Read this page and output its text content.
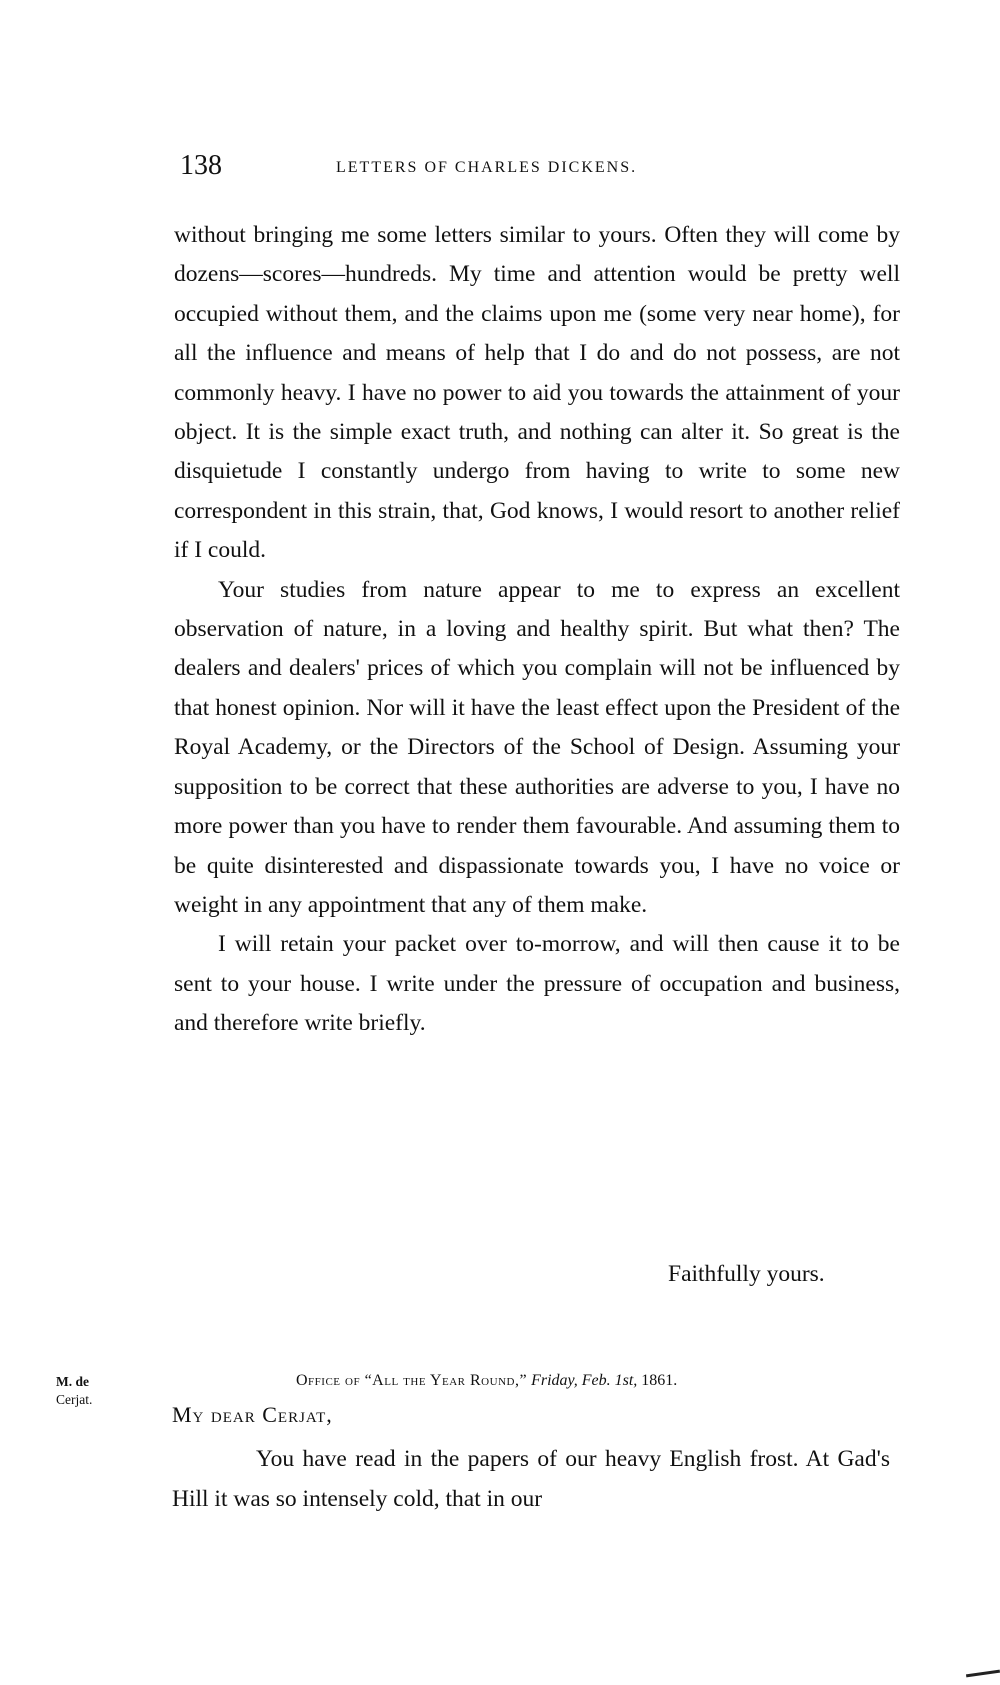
138	LETTERS OF CHARLES DICKENS.

without bringing me some letters similar to yours. Often they will come by dozens—scores—hundreds. My time and attention would be pretty well occupied without them, and the claims upon me (some very near home), for all the influence and means of help that I do and do not possess, are not commonly heavy. I have no power to aid you towards the attainment of your object. It is the simple exact truth, and nothing can alter it. So great is the disquietude I constantly undergo from having to write to some new correspondent in this strain, that, God knows, I would resort to another relief if I could.

Your studies from nature appear to me to express an excellent observation of nature, in a loving and healthy spirit. But what then? The dealers and dealers' prices of which you complain will not be influenced by that honest opinion. Nor will it have the least effect upon the President of the Royal Academy, or the Directors of the School of Design. Assuming your supposition to be correct that these authorities are adverse to you, I have no more power than you have to render them favourable. And assuming them to be quite disinterested and dispassionate towards you, I have no voice or weight in any appointment that any of them make.

I will retain your packet over to-morrow, and will then cause it to be sent to your house. I write under the pressure of occupation and business, and therefore write briefly.

Faithfully yours.
M. de
Cerjat.
Office of “All the Year Round,” Friday, Feb. 1st, 1861.
My dear Cerjat,

You have read in the papers of our heavy English frost. At Gad's Hill it was so intensely cold, that in our
